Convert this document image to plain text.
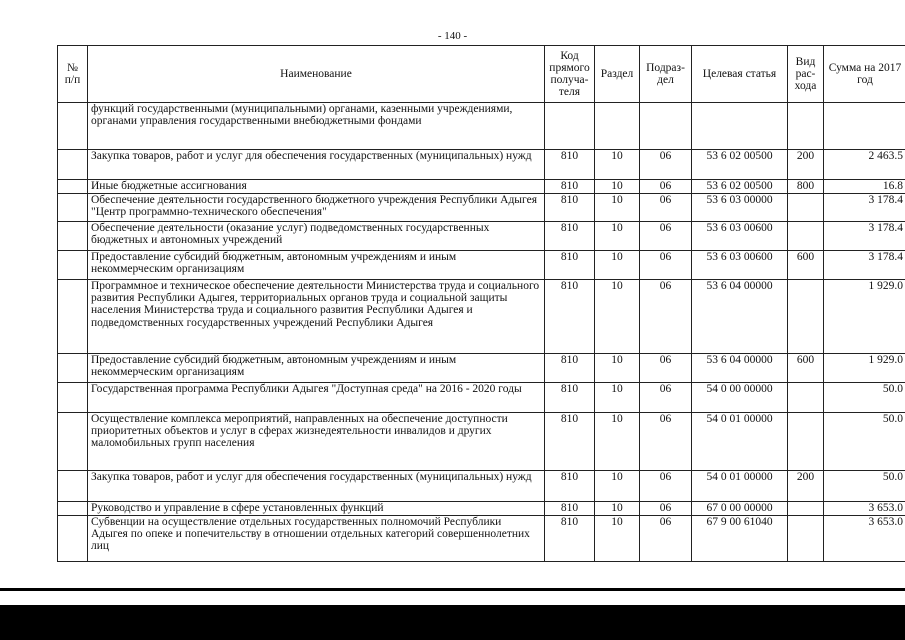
- 140 -
№ п/п	Наименование	Код прямого получа-теля	Раздел	Подраз-дел	Целевая статья	Вид рас-хода	Сумма на 2017 год
	функций государственными (муниципальными) органами, казенными учреждениями, органами управления государственными внебюджетными фондами						
	Закупка товаров, работ и услуг для обеспечения государственных (муниципальных) нужд	810	10	06	53 6 02 00500	200	2 463.5
	Иные бюджетные ассигнования	810	10	06	53 6 02 00500	800	16.8
	Обеспечение деятельности государственного бюджетного учреждения Республики Адыгея "Центр программно-технического обеспечения"	810	10	06	53 6 03 00000		3 178.4
	Обеспечение деятельности (оказание услуг) подведомственных государственных бюджетных и автономных учреждений	810	10	06	53 6 03 00600		3 178.4
	Предоставление субсидий бюджетным, автономным учреждениям и иным некоммерческим организациям	810	10	06	53 6 03 00600	600	3 178.4
	Программное и техническое обеспечение деятельности Министерства труда и социального развития Республики Адыгея, территориальных органов труда и социальной защиты населения Министерства труда и социального развития Республики Адыгея и подведомственных государственных учреждений Республики Адыгея	810	10	06	53 6 04 00000		1 929.0
	Предоставление субсидий бюджетным, автономным учреждениям и иным некоммерческим организациям	810	10	06	53 6 04 00000	600	1 929.0
	Государственная программа Республики Адыгея "Доступная среда" на 2016 - 2020 годы	810	10	06	54 0 00 00000		50.0
	Осуществление комплекса мероприятий, направленных на обеспечение доступности приоритетных объектов и услуг в сферах жизнедеятельности инвалидов и других маломобильных групп населения	810	10	06	54 0 01 00000		50.0
	Закупка товаров, работ и услуг для обеспечения государственных (муниципальных) нужд	810	10	06	54 0 01 00000	200	50.0
	Руководство и управление в сфере установленных функций	810	10	06	67 0 00 00000		3 653.0
	Субвенции на осуществление отдельных государственных полномочий Республики Адыгея по опеке и попечительству в отношении отдельных категорий совершеннолетних лиц	810	10	06	67 9 00 61040		3 653.0
